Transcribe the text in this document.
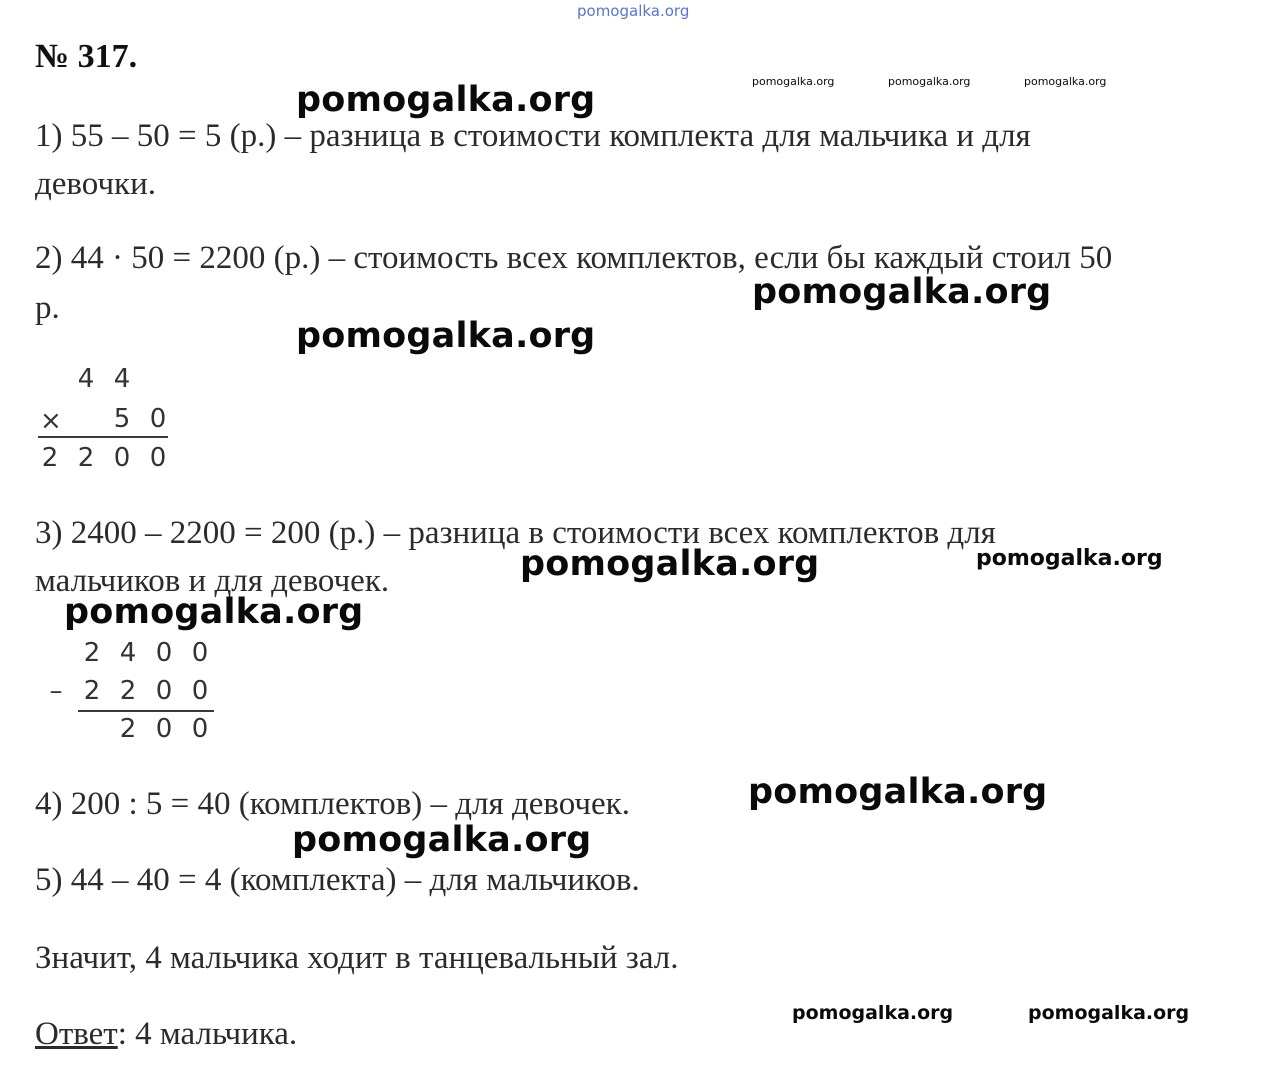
pomogalka.org
№ 317.
pomogalka.org	pomogalka.org	pomogalka.org

1) 55 – 50 = 5 (р.) – разница в стоимости комплекта для мальчика и для

девочки.

2) 44 · 50 = 2200 (р.) – стоимость всех комплектов, если бы каждый стоил 50

р.

4 4
× 5 0
2 2 0 0

3) 2400 – 2200 = 200 (р.) – разница в стоимости всех комплектов для

мальчиков и для девочек.

2 4 0 0
– 2 2 0 0
2 0 0

4) 200 : 5 = 40 (комплектов) – для девочек.

5) 44 – 40 = 4 (комплекта) – для мальчиков.

Значит, 4 мальчика ходит в танцевальный зал.

Ответ: 4 мальчика.

pomogalka.org
pomogalka.org
pomogalka.org
pomogalka.org	pomogalka.org
pomogalka.org
pomogalka.org
pomogalka.org
pomogalka.org	pomogalka.org
